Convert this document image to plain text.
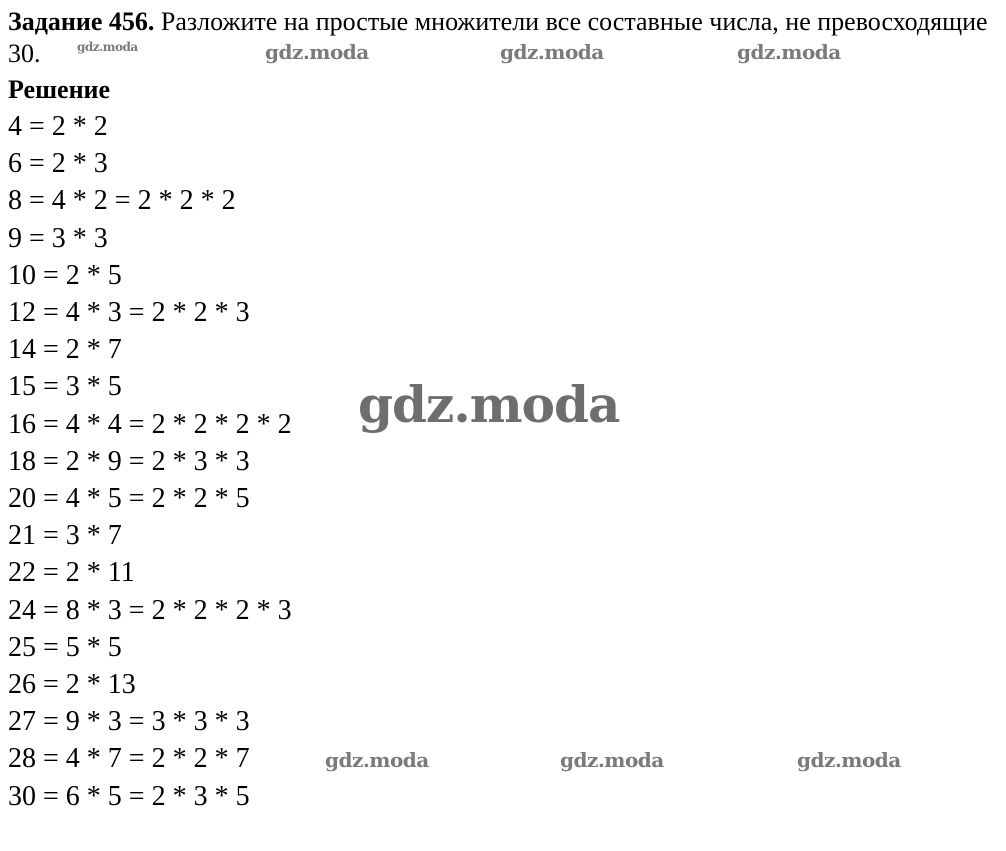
Задание 456. Разложите на простые множители все составные числа, не превосходящие 30.

Решение
4 = 2 * 2
6 = 2 * 3
8 = 4 * 2 = 2 * 2 * 2
9 = 3 * 3
10 = 2 * 5
12 = 4 * 3 = 2 * 2 * 3
14 = 2 * 7
15 = 3 * 5
16 = 4 * 4 = 2 * 2 * 2 * 2
18 = 2 * 9 = 2 * 3 * 3
20 = 4 * 5 = 2 * 2 * 5
21 = 3 * 7
22 = 2 * 11
24 = 8 * 3 = 2 * 2 * 2 * 3
25 = 5 * 5
26 = 2 * 13
27 = 9 * 3 = 3 * 3 * 3
28 = 4 * 7 = 2 * 2 * 7
30 = 6 * 5 = 2 * 3 * 5
gdz.moda	gdz.moda	gdz.moda	gdz.moda
gdz.moda
gdz.moda	gdz.moda	gdz.moda
